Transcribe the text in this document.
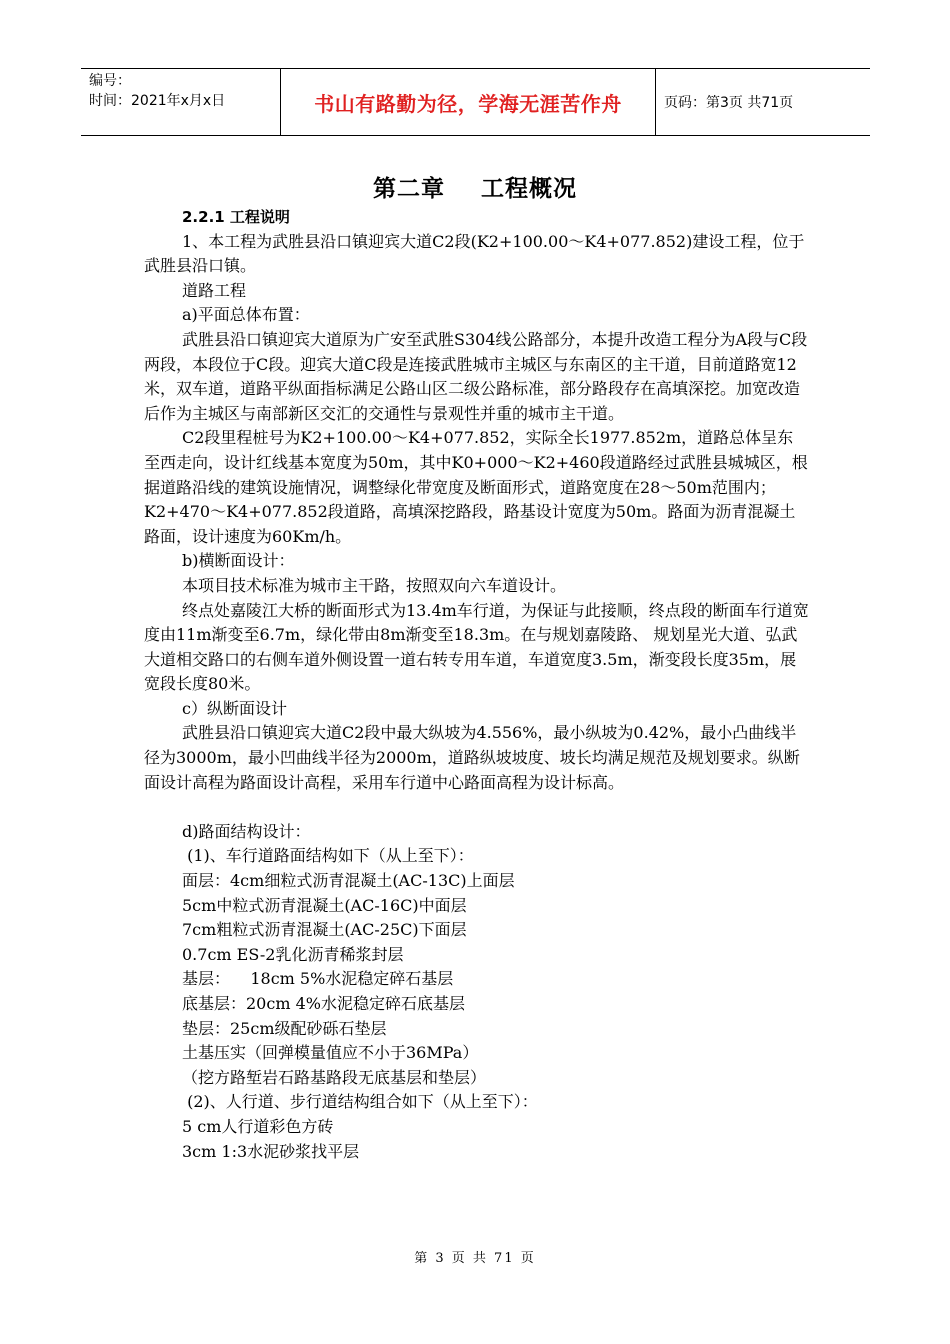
编号：
时间：2021年x月x日	书山有路勤为径，学海无涯苦作舟	页码：第3页 共71页
第二章    工程概况

2.2.1 工程说明

1、本工程为武胜县沿口镇迎宾大道C2段(K2+100.00～K4+077.852)建设工程，位于武胜县沿口镇。

道路工程

a)平面总体布置：

武胜县沿口镇迎宾大道原为广安至武胜S304线公路部分，本提升改造工程分为A段与C段两段，本段位于C段。迎宾大道C段是连接武胜城市主城区与东南区的主干道，目前道路宽12米，双车道，道路平纵面指标满足公路山区二级公路标准，部分路段存在高填深挖。加宽改造后作为主城区与南部新区交汇的交通性与景观性并重的城市主干道。

C2段里程桩号为K2+100.00～K4+077.852，实际全长1977.852m，道路总体呈东至西走向，设计红线基本宽度为50m，其中K0+000～K2+460段道路经过武胜县城城区，根据道路沿线的建筑设施情况，调整绿化带宽度及断面形式，道路宽度在28～50m范围内；K2+470～K4+077.852段道路，高填深挖路段，路基设计宽度为50m。路面为沥青混凝土路面，设计速度为60Km/h。

b)横断面设计：

本项目技术标准为城市主干路，按照双向六车道设计。

终点处嘉陵江大桥的断面形式为13.4m车行道，为保证与此接顺，终点段的断面车行道宽度由11m渐变至6.7m，绿化带由8m渐变至18.3m。在与规划嘉陵路、 规划星光大道、弘武大道相交路口的右侧车道外侧设置一道右转专用车道，车道宽度3.5m，渐变段长度35m，展宽段长度80米。

c）纵断面设计

武胜县沿口镇迎宾大道C2段中最大纵坡为4.556%，最小纵坡为0.42%，最小凸曲线半径为3000m，最小凹曲线半径为2000m，道路纵坡坡度、坡长均满足规范及规划要求。纵断面设计高程为路面设计高程，采用车行道中心路面高程为设计标高。

d)路面结构设计：

(1)、车行道路面结构如下（从上至下）：

面层：4cm细粒式沥青混凝土(AC-13C)上面层

5cm中粒式沥青混凝土(AC-16C)中面层

7cm粗粒式沥青混凝土(AC-25C)下面层

0.7cm ES-2乳化沥青稀浆封层

基层：    18cm 5%水泥稳定碎石基层

底基层：20cm 4%水泥稳定碎石底基层

垫层：25cm级配砂砾石垫层

土基压实（回弹模量值应不小于36MPa）

（挖方路堑岩石路基路段无底基层和垫层）

(2)、人行道、步行道结构组合如下（从上至下）：

5 cm人行道彩色方砖

3cm 1:3水泥砂浆找平层

第 3 页 共 71 页
